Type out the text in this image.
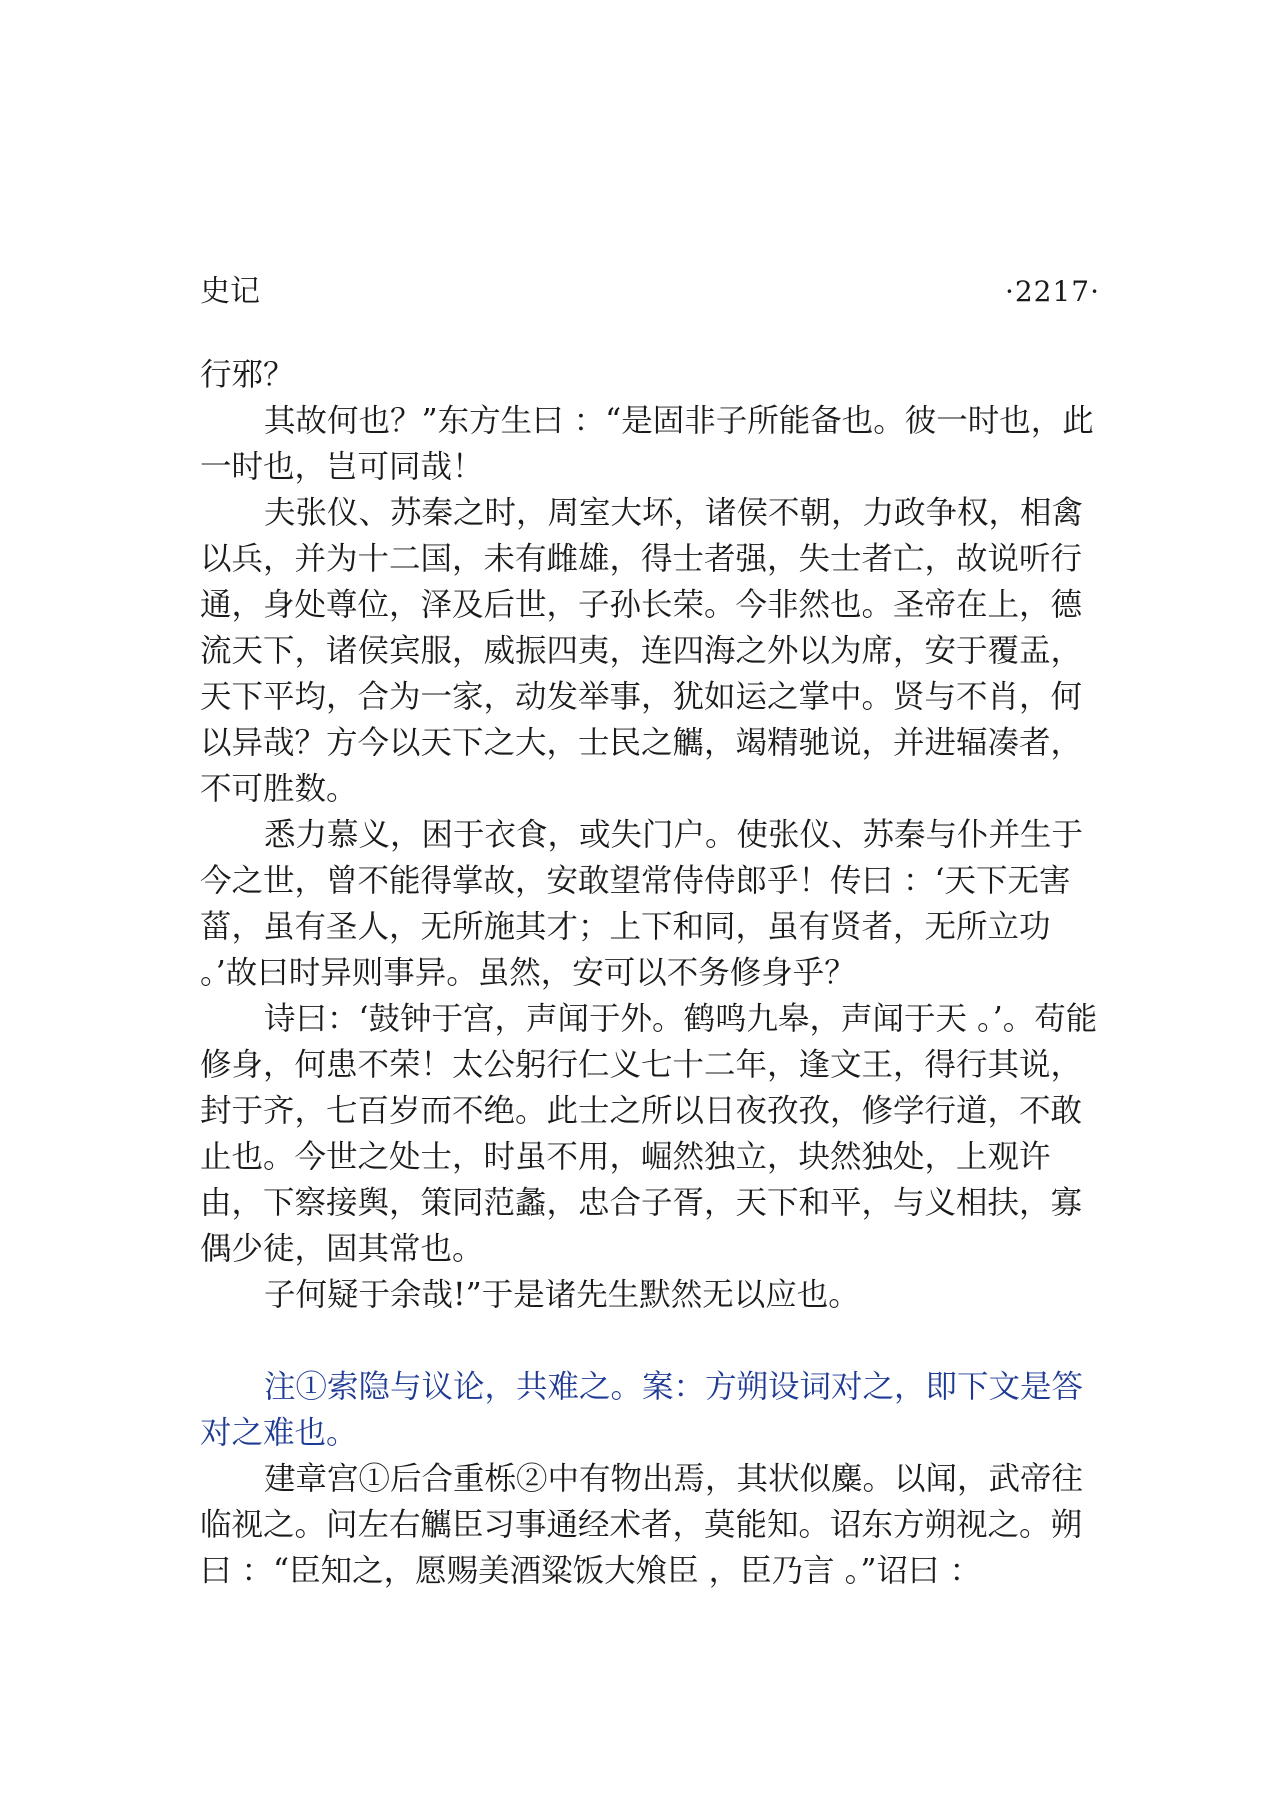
史记	·2217·

行邪？

其故何也？”东方生曰 ：“是固非子所能备也。彼一时也，此一时也，岂可同哉！

夫张仪、苏秦之时，周室大坏，诸侯不朝，力政争权，相禽以兵，并为十二国，未有雌雄，得士者强，失士者亡，故说听行通，身处尊位，泽及后世，子孙长荣。今非然也。圣帝在上，德流天下，诸侯宾服，威振四夷，连四海之外以为席，安于覆盂，天下平均，合为一家，动发举事，犹如运之掌中。贤与不肖，何以异哉？方今以天下之大，士民之觽，竭精驰说，并进辐凑者，不可胜数。

悉力慕义，困于衣食，或失门户。使张仪、苏秦与仆并生于今之世，曾不能得掌故，安敢望常侍侍郎乎！传曰 ：‘天下无害菑，虽有圣人，无所施其才；上下和同，虽有贤者，无所立功 。’故曰时异则事异。虽然，安可以不务修身乎？

诗曰：‘鼓钟于宫，声闻于外。鹤鸣九皋，声闻于天 。’。苟能修身，何患不荣！太公躬行仁义七十二年，逢文王，得行其说，封于齐，七百岁而不绝。此士之所以日夜孜孜，修学行道，不敢止也。今世之处士，时虽不用，崛然独立，块然独处，上观许由，下察接舆，策同范蠡，忠合子胥，天下和平，与义相扶，寡偶少徒，固其常也。

子何疑于余哉!”于是诸先生默然无以应也。

注①索隐与议论，共难之。案：方朔设词对之，即下文是答对之难也。

建章宫①后合重栎②中有物出焉，其状似麋。以闻，武帝往临视之。问左右觽臣习事通经术者，莫能知。诏东方朔视之。朔曰 ：“臣知之，愿赐美酒粱饭大飧臣 ，臣乃言 。”诏曰 ：
